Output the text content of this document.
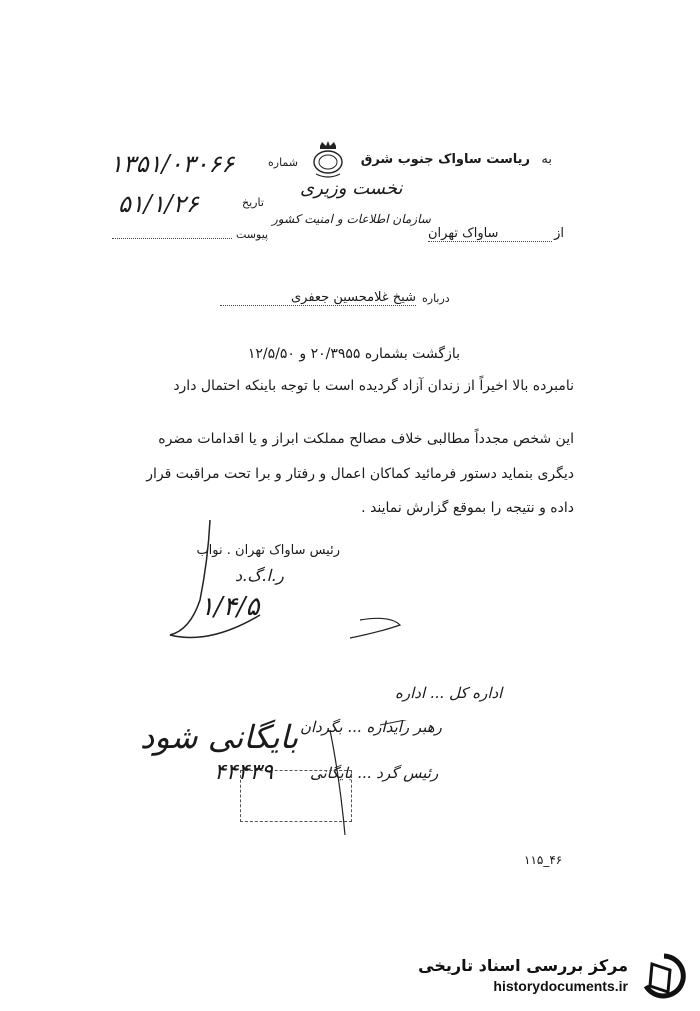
به
ریاست ساواک جنوب شرق
نخست وزیری
سازمان اطلاعات و امنیت کشور
از
ساواک تهران
شماره
۱۳۵۱/۰۳۰۶۶
تاریخ
۵۱/۱/۲۶
پیوست
درباره
شیخ غلامحسین جعفری
بازگشت بشماره ۲۰/۳۹۵۵ و ۱۲/۵/۵۰
نامبرده بالا اخیراً از زندان آزاد گردیده است با توجه باینکه احتمال دارد
این شخص مجدداً مطالبی خلاف مصالح مملکت ابراز و یا اقدامات مضره
دیگری بنماید دستور فرمائید کماکان اعمال و رفتار و برا تحت مراقبت قرار
داده و نتیجه را بموقع گزارش نمایند .
رئیس ساواک تهران . نواب
ر.ا.گ.د
۱/۴/۵
اداره کل ... اداره
رهبر رایداره ... بگردان
رئیس گرد ... بایگانی
بایگانی شود
۴۴۴۳۹
۱۱۵_۴۶
مرکز بررسی اسناد تاریخی
historydocuments.ir
